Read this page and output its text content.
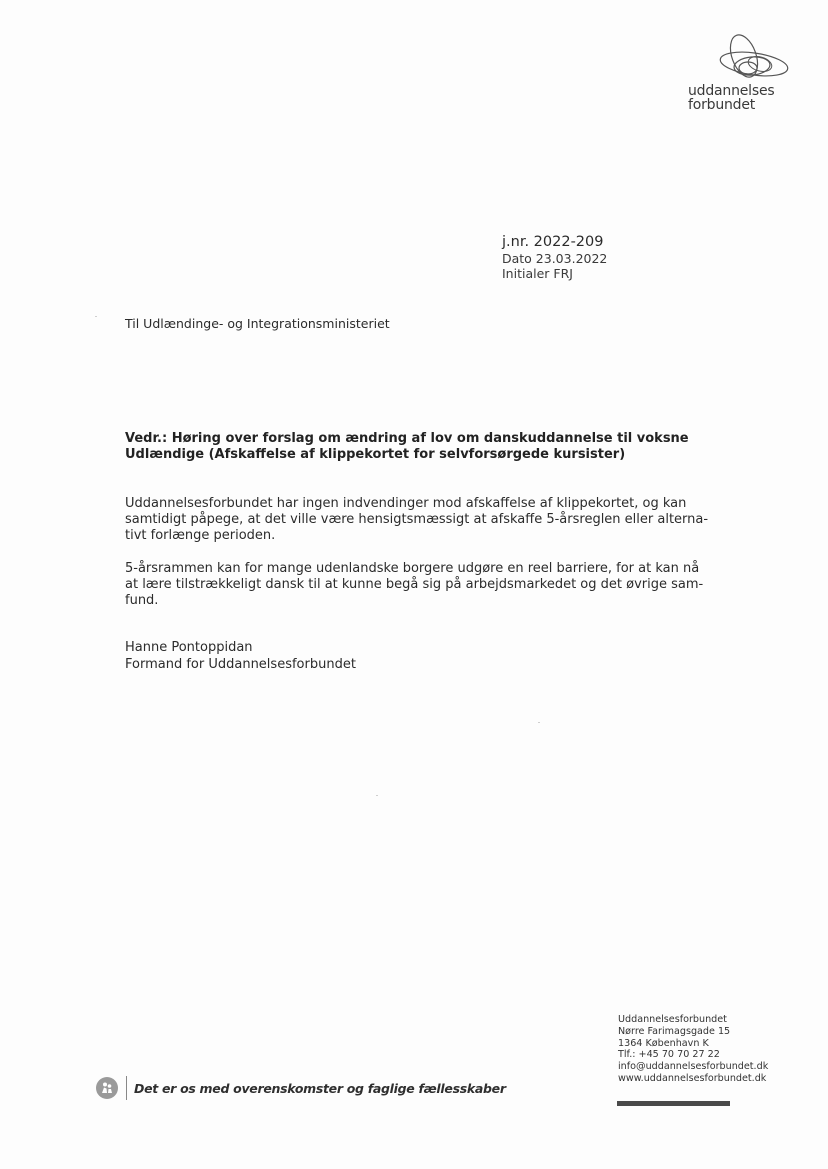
uddannelses
forbundet
j.nr. 2022-209
Dato 23.03.2022
Initialer FRJ
Til Udlændinge- og Integrationsministeriet
Vedr.: Høring over forslag om ændring af lov om danskuddannelse til voksne
Udlændige (Afskaffelse af klippekortet for selvforsørgede kursister)

Uddannelsesforbundet har ingen indvendinger mod afskaffelse af klippekortet, og kan
samtidigt påpege, at det ville være hensigtsmæssigt at afskaffe 5-årsreglen eller alterna-
tivt forlænge perioden.

5-årsrammen kan for mange udenlandske borgere udgøre en reel barriere, for at kan nå
at lære tilstrækkeligt dansk til at kunne begå sig på arbejdsmarkedet og det øvrige sam-
fund.

Hanne Pontoppidan
Formand for Uddannelsesforbundet
Uddannelsesforbundet
Nørre Farimagsgade 15
1364 København K
Tlf.: +45 70 70 27 22
info@uddannelsesforbundet.dk
www.uddannelsesforbundet.dk
Det er os med overenskomster og faglige fællesskaber
